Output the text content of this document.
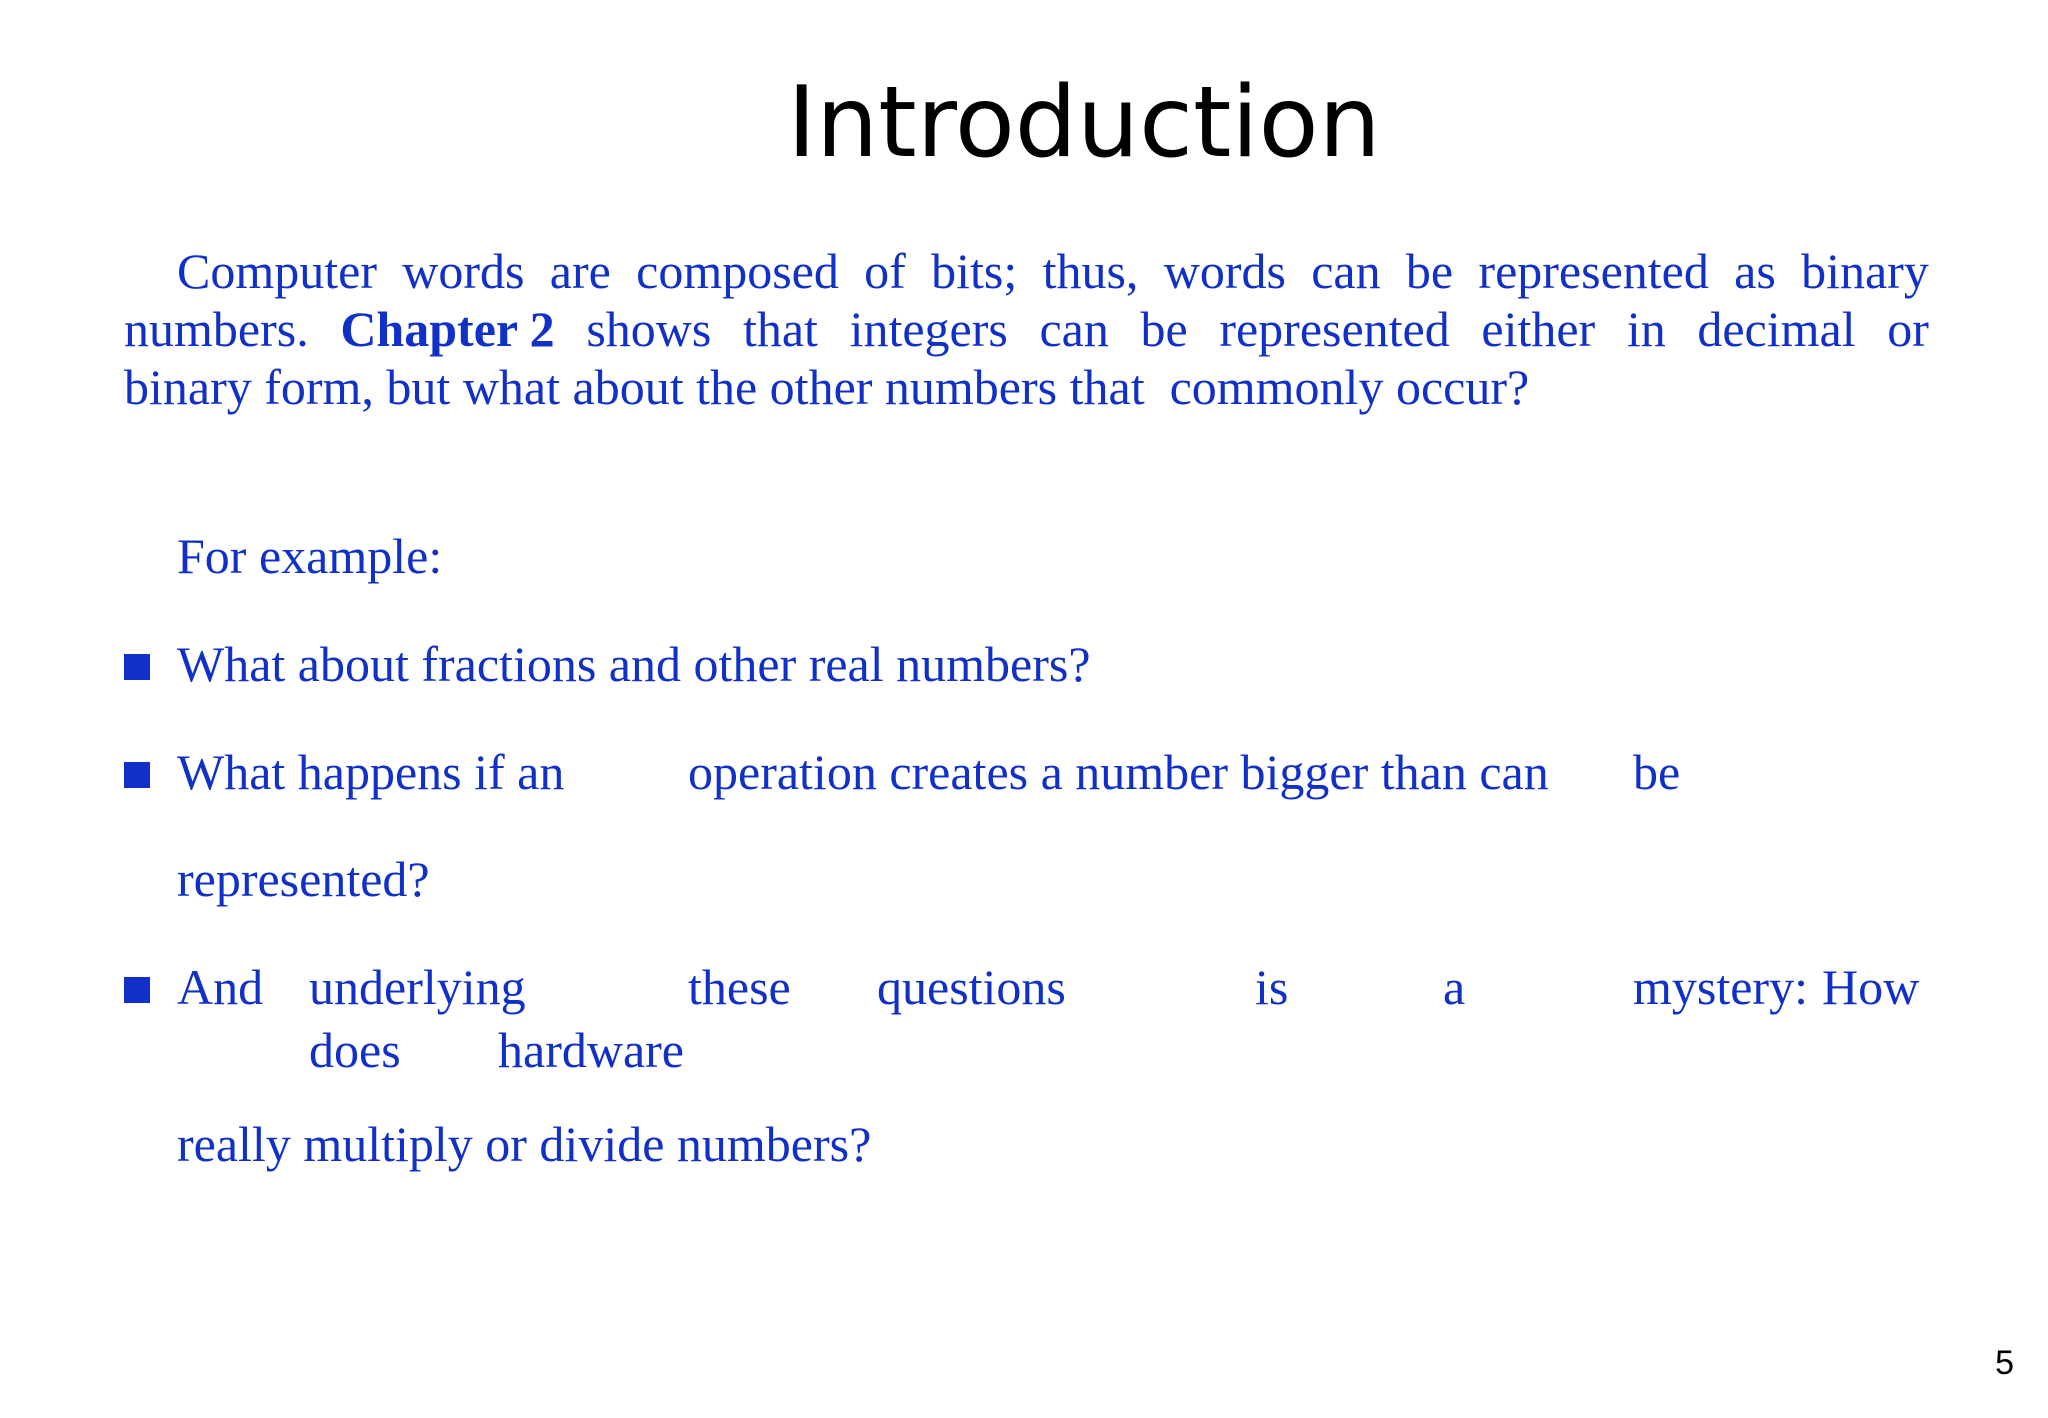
Introduction
Computer words are composed of bits; thus, words can be represented as binary
numbers. Chapter 2 shows that integers can be represented either in decimal or
binary form, but what about the other numbers that  commonly occur?
For example:
What about fractions and other real numbers?
What happens if an operation creates a number bigger than can be
represented?
And underlying	these questions	is	a	mystery: How
does hardware
really multiply or divide numbers?
5
